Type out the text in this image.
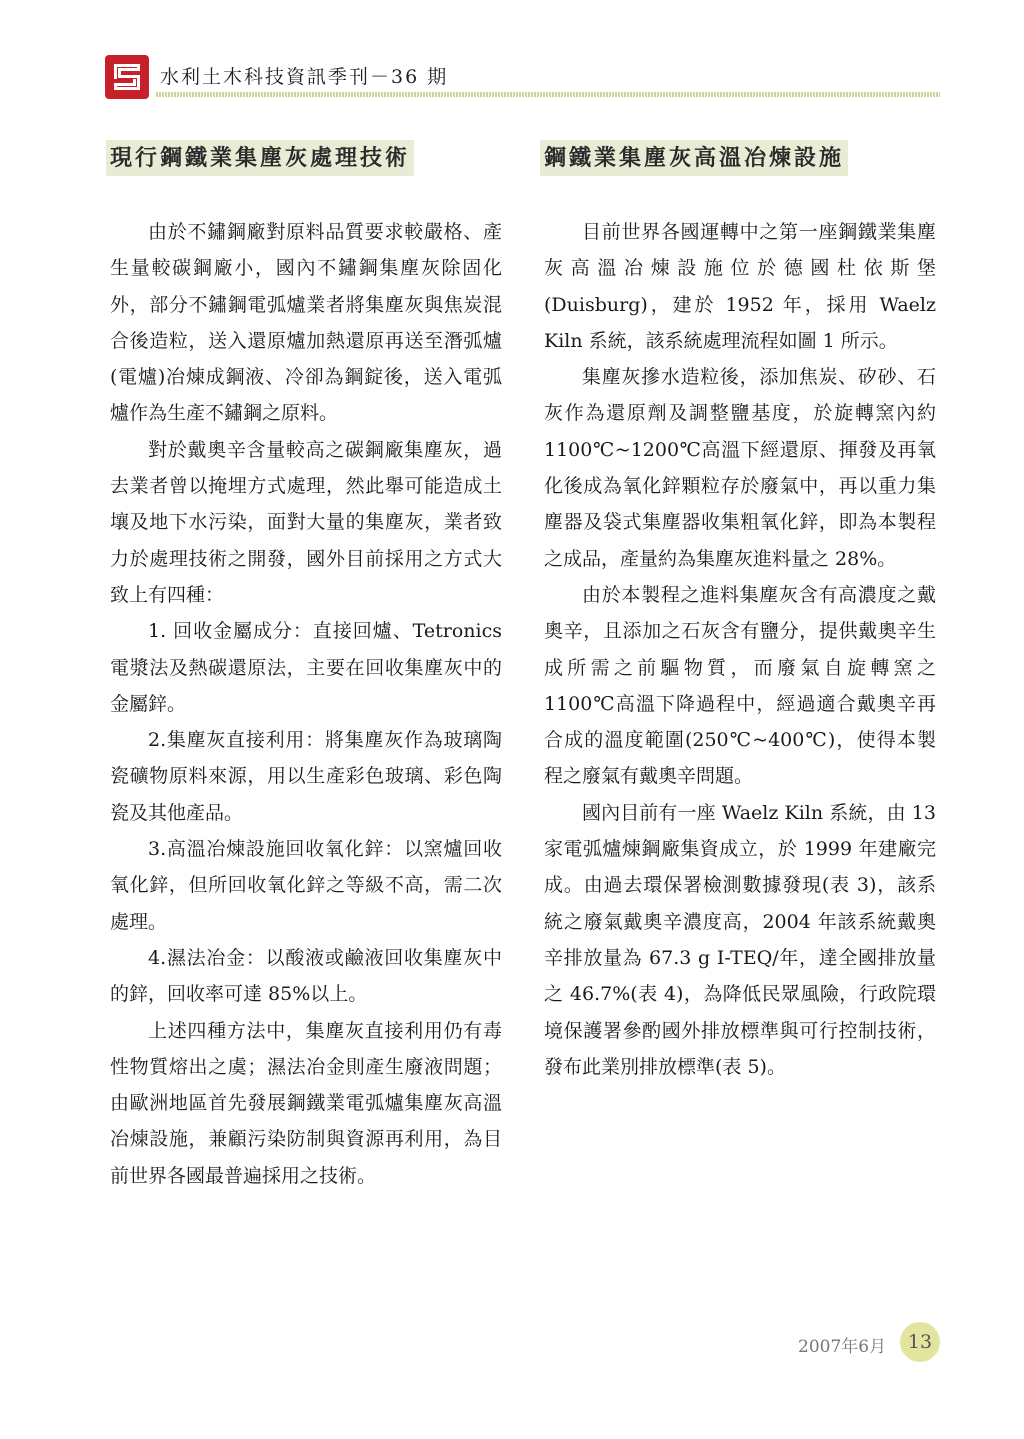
水利土木科技資訊季刊－36 期
現行鋼鐵業集塵灰處理技術	鋼鐵業集塵灰高溫冶煉設施

由於不鏽鋼廠對原料品質要求較嚴格、產生量較碳鋼廠小，國內不鏽鋼集塵灰除固化外，部分不鏽鋼電弧爐業者將集塵灰與焦炭混合後造粒，送入還原爐加熱還原再送至潛弧爐(電爐)冶煉成鋼液、冷卻為鋼錠後，送入電弧爐作為生產不鏽鋼之原料。

對於戴奧辛含量較高之碳鋼廠集塵灰，過去業者曾以掩埋方式處理，然此舉可能造成土壤及地下水污染，面對大量的集塵灰，業者致力於處理技術之開發，國外目前採用之方式大致上有四種：

1. 回收金屬成分：直接回爐、Tetronics 電漿法及熱碳還原法，主要在回收集塵灰中的金屬鋅。

2.集塵灰直接利用：將集塵灰作為玻璃陶瓷礦物原料來源，用以生產彩色玻璃、彩色陶瓷及其他產品。

3.高溫冶煉設施回收氧化鋅：以窯爐回收氧化鋅，但所回收氧化鋅之等級不高，需二次處理。

4.濕法冶金：以酸液或鹼液回收集塵灰中的鋅，回收率可達 85%以上。

上述四種方法中，集塵灰直接利用仍有毒性物質熔出之虞；濕法冶金則產生廢液問題；由歐洲地區首先發展鋼鐵業電弧爐集塵灰高溫冶煉設施，兼顧污染防制與資源再利用，為目前世界各國最普遍採用之技術。

目前世界各國運轉中之第一座鋼鐵業集塵灰高溫冶煉設施位於德國杜依斯堡(Duisburg)，建於 1952 年，採用 Waelz Kiln 系統，該系統處理流程如圖 1 所示。

集塵灰摻水造粒後，添加焦炭、矽砂、石灰作為還原劑及調整鹽基度，於旋轉窯內約 1100℃~1200℃高溫下經還原、揮發及再氧化後成為氧化鋅顆粒存於廢氣中，再以重力集塵器及袋式集塵器收集粗氧化鋅，即為本製程之成品，產量約為集塵灰進料量之 28%。

由於本製程之進料集塵灰含有高濃度之戴奧辛，且添加之石灰含有鹽分，提供戴奧辛生成所需之前驅物質，而廢氣自旋轉窯之 1100℃高溫下降過程中，經過適合戴奧辛再合成的溫度範圍(250℃~400℃)，使得本製程之廢氣有戴奧辛問題。

國內目前有一座 Waelz Kiln 系統，由 13 家電弧爐煉鋼廠集資成立，於 1999 年建廠完成。由過去環保署檢測數據發現(表 3)，該系統之廢氣戴奧辛濃度高，2004 年該系統戴奧辛排放量為 67.3 g I-TEQ/年，達全國排放量之 46.7%(表 4)，為降低民眾風險，行政院環境保護署參酌國外排放標準與可行控制技術，發布此業別排放標準(表 5)。

2007年6月	13
